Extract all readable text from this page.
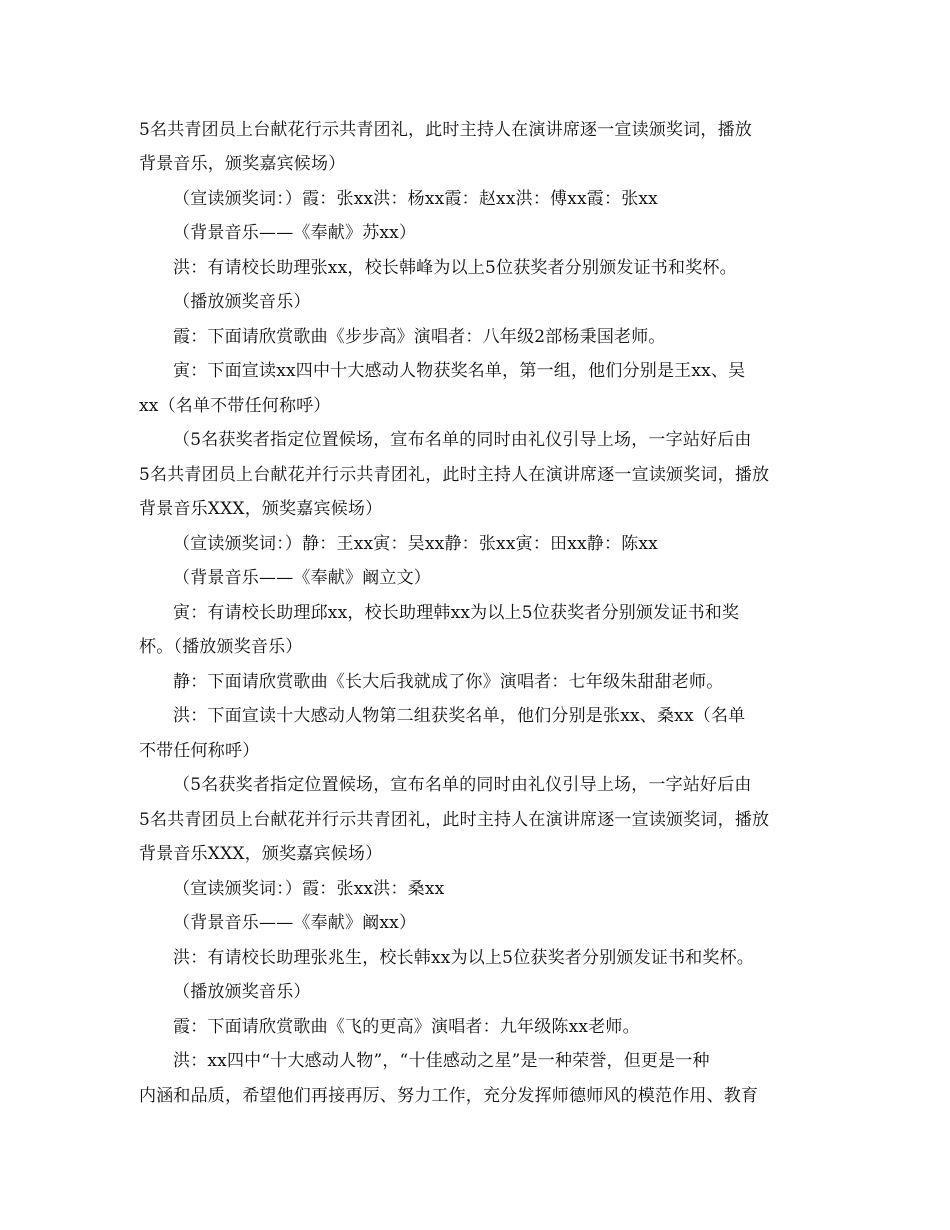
5名共青团员上台献花行示共青团礼，此时主持人在演讲席逐一宣读颁奖词，播放
背景音乐，颁奖嘉宾候场）
（宣读颁奖词：）霞：张xx洪：杨xx霞：赵xx洪：傅xx霞：张xx
（背景音乐——《奉献》苏xx）
洪：有请校长助理张xx，校长韩峰为以上5位获奖者分别颁发证书和奖杯。
（播放颁奖音乐）
霞：下面请欣赏歌曲《步步高》演唱者：八年级2部杨秉国老师。
寅：下面宣读xx四中十大感动人物获奖名单，第一组，他们分别是王xx、吴
xx（名单不带任何称呼）
（5名获奖者指定位置候场，宣布名单的同时由礼仪引导上场，一字站好后由
5名共青团员上台献花并行示共青团礼，此时主持人在演讲席逐一宣读颁奖词，播放
背景音乐XXX，颁奖嘉宾候场）
（宣读颁奖词：）静：王xx寅：吴xx静：张xx寅：田xx静：陈xx
（背景音乐——《奉献》阚立文）
寅：有请校长助理邱xx，校长助理韩xx为以上5位获奖者分别颁发证书和奖
杯。（播放颁奖音乐）
静：下面请欣赏歌曲《长大后我就成了你》演唱者：七年级朱甜甜老师。
洪：下面宣读十大感动人物第二组获奖名单，他们分别是张xx、桑xx（名单
不带任何称呼）
（5名获奖者指定位置候场，宣布名单的同时由礼仪引导上场，一字站好后由
5名共青团员上台献花并行示共青团礼，此时主持人在演讲席逐一宣读颁奖词，播放
背景音乐XXX，颁奖嘉宾候场）
（宣读颁奖词：）霞：张xx洪：桑xx
（背景音乐——《奉献》阚xx）
洪：有请校长助理张兆生，校长韩xx为以上5位获奖者分别颁发证书和奖杯。
（播放颁奖音乐）
霞：下面请欣赏歌曲《飞的更高》演唱者：九年级陈xx老师。
洪：xx四中“十大感动人物”，“十佳感动之星”是一种荣誉，但更是一种
内涵和品质，希望他们再接再厉、努力工作，充分发挥师德师风的模范作用、教育
